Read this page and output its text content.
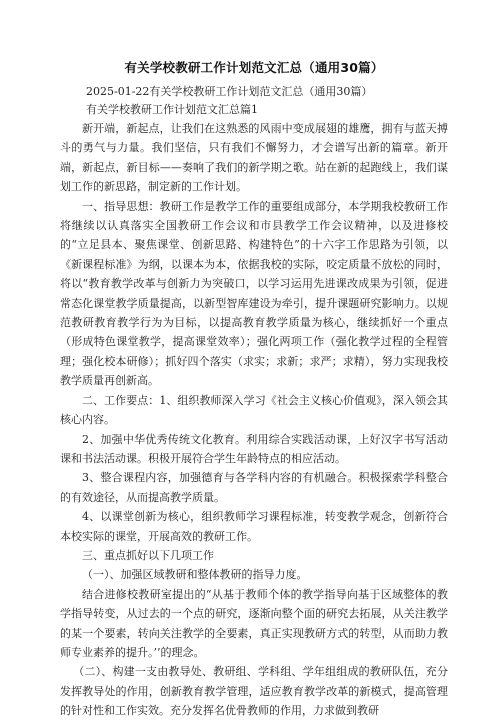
有关学校教研工作计划范文汇总（通用30篇）

2025-01-22有关学校教研工作计划范文汇总（通用30篇）

有关学校教研工作计划范文汇总篇1

新开端，新起点，让我们在这熟悉的风雨中变成展翅的雄鹰，拥有与蓝天搏斗的勇气与力量。我们坚信，只有我们不懈努力，才会谱写出新的篇章。新开端，新起点，新目标——奏响了我们的新学期之歌。站在新的起跑线上，我们谋划工作的新思路，制定新的工作计划。

一、指导思想：教研工作是教学工作的重要组成部分，本学期我校教研工作将继续以认真落实全国教研工作会议和市县教学工作会议精神，以及进修校的“立足县本、聚焦课堂、创新思路、构建特色”的十六字工作思路为引领，以《新课程标准》为纲，以课本为本，依据我校的实际，咬定质量不放松的同时，将以“教育教学改革与创新力为突破口，以学习运用先进课改成果为引领，促进常态化课堂教学质量提高，以新型智库建设为牵引，提升课题研究影响力。以规范教研教育教学行为为目标，以提高教育教学质量为核心，继续抓好一个重点（形成特色课堂教学，提高课堂效率）；强化两项工作（强化教学过程的全程管理；强化校本研修）；抓好四个落实（求实；求新；求严；求精），努力实现我校教学质量再创新高。

二、工作要点：1、组织教师深入学习《社会主义核心价值观》，深入领会其核心内容。

2、加强中华优秀传统文化教育。利用综合实践活动课，上好汉字书写活动课和书法活动课。积极开展符合学生年龄特点的相应活动。

3、整合课程内容，加强德育与各学科内容的有机融合。积极探索学科整合的有效途径，从而提高教学质量。

4、以课堂创新为核心，组织教师学习课程标准，转变教学观念，创新符合本校实际的课堂，开展高效的教研工作。

三、重点抓好以下几项工作

（一）、加强区域教研和整体教研的指导力度。

结合进修校教研室提出的“从基于教师个体的教学指导向基于区域整体的教学指导转变，从过去的一个点的研究，逐渐向整个面的研究去拓展，从关注教学的某一个要素，转向关注教学的全要素，真正实现教研方式的转型，从而助力教师专业素养的提升。’’的理念。

（二）、构建一支由教导处、教研组、学科组、学年组组成的教研队伍，充分发挥教导处的作用，创新教育教学管理，适应教育教学改革的新模式，提高管理的针对性和工作实效。充分发挥名优骨教师的作用，力求做到教研
